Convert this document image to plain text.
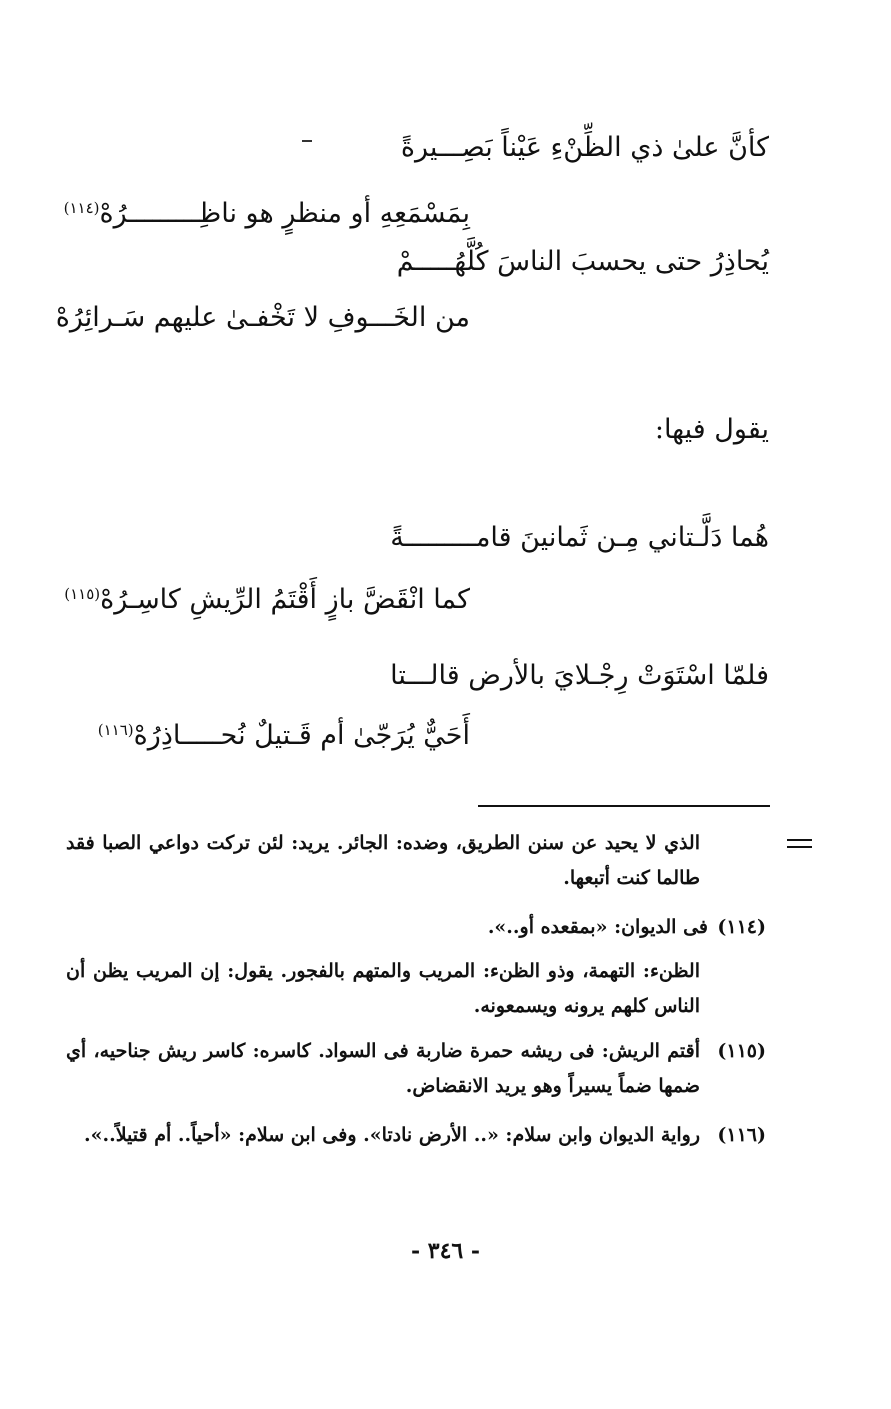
كأنَّ علىٰ ذي الظِّنْءِ عَيْناً بَصِـــيرةً
بِمَسْمَعِهِ أو منظرٍ هو ناظِـــــــــرُهْ$^{(١١٤)}$
يُحاذِرُ حتى يحسبَ الناسَ كُلَّهُـــــمْ
من الخَـــوفِ لا تَخْفـىٰ عليهم سَـرائِرُهْ
يقول فيها:
هُما دَلَّـتاني مِـن ثَمانينَ قامـــــــــةً
كما انْقَضَّ بازٍ أَقْتَمُ الرِّيشِ كاسِـرُهْ$^{(١١٥)}$
فلمّا اسْتَوَتْ رِجْـلايَ بالأرض قالـــتا
أَحَيٌّ يُرَجّىٰ أم قَـتيلٌ نُحـــــاذِرُهْ$^{(١١٦)}$
الذي لا يحيد عن سنن الطريق، وضده: الجائر. يريد: لئن تركت دواعي الصبا فقد طالما كنت أتبعها.
(١١٤)فى الديوان: «بمقعده أو..».
الظنء: التهمة، وذو الظنء: المريب والمتهم بالفجور. يقول: إن المريب يظن أن الناس كلهم يرونه ويسمعونه.
(١١٥)
أقتم الريش: فى ريشه حمرة ضاربة فى السواد. كاسره: كاسر ريش جناحيه، أي ضمها ضماً يسيراً وهو يريد الانقضاض.
(١١٦)
رواية الديوان وابن سلام: «.. الأرض نادتا». وفى ابن سلام: «أحياً.. أم قتيلاً..».
- ٣٤٦ -
